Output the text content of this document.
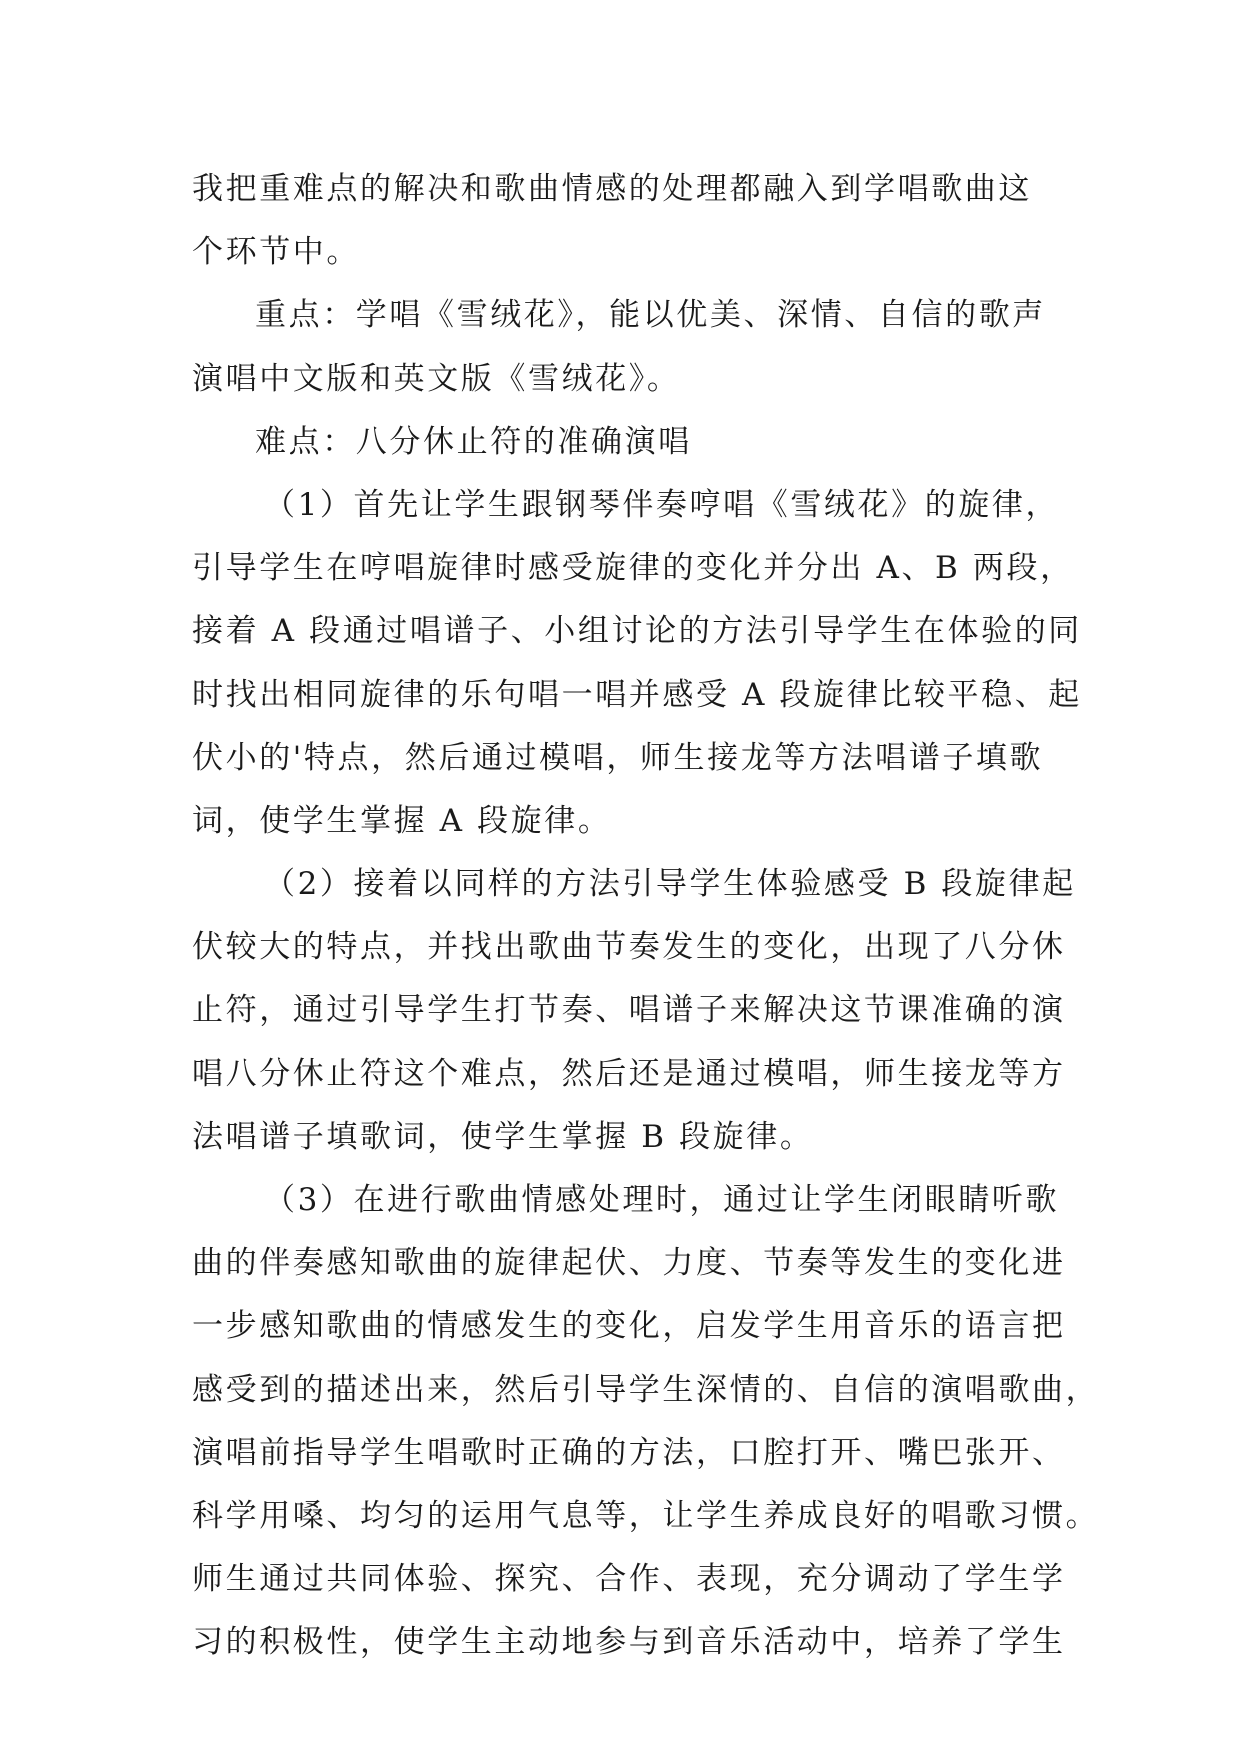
我把重难点的解决和歌曲情感的处理都融入到学唱歌曲这
个环节中。
重点：学唱《雪绒花》，能以优美、深情、自信的歌声
演唱中文版和英文版《雪绒花》。
难点：八分休止符的准确演唱
（1）首先让学生跟钢琴伴奏哼唱《雪绒花》的旋律，
引导学生在哼唱旋律时感受旋律的变化并分出 A、B 两段，
接着 A 段通过唱谱子、小组讨论的方法引导学生在体验的同
时找出相同旋律的乐句唱一唱并感受 A 段旋律比较平稳、起
伏小的'特点，然后通过模唱，师生接龙等方法唱谱子填歌
词，使学生掌握 A 段旋律。
（2）接着以同样的方法引导学生体验感受 B 段旋律起
伏较大的特点，并找出歌曲节奏发生的变化，出现了八分休
止符，通过引导学生打节奏、唱谱子来解决这节课准确的演
唱八分休止符这个难点，然后还是通过模唱，师生接龙等方
法唱谱子填歌词，使学生掌握 B 段旋律。
（3）在进行歌曲情感处理时，通过让学生闭眼睛听歌
曲的伴奏感知歌曲的旋律起伏、力度、节奏等发生的变化进
一步感知歌曲的情感发生的变化，启发学生用音乐的语言把
感受到的描述出来，然后引导学生深情的、自信的演唱歌曲，
演唱前指导学生唱歌时正确的方法，口腔打开、嘴巴张开、
科学用嗓、均匀的运用气息等，让学生养成良好的唱歌习惯。
师生通过共同体验、探究、合作、表现，充分调动了学生学
习的积极性，使学生主动地参与到音乐活动中，培养了学生
